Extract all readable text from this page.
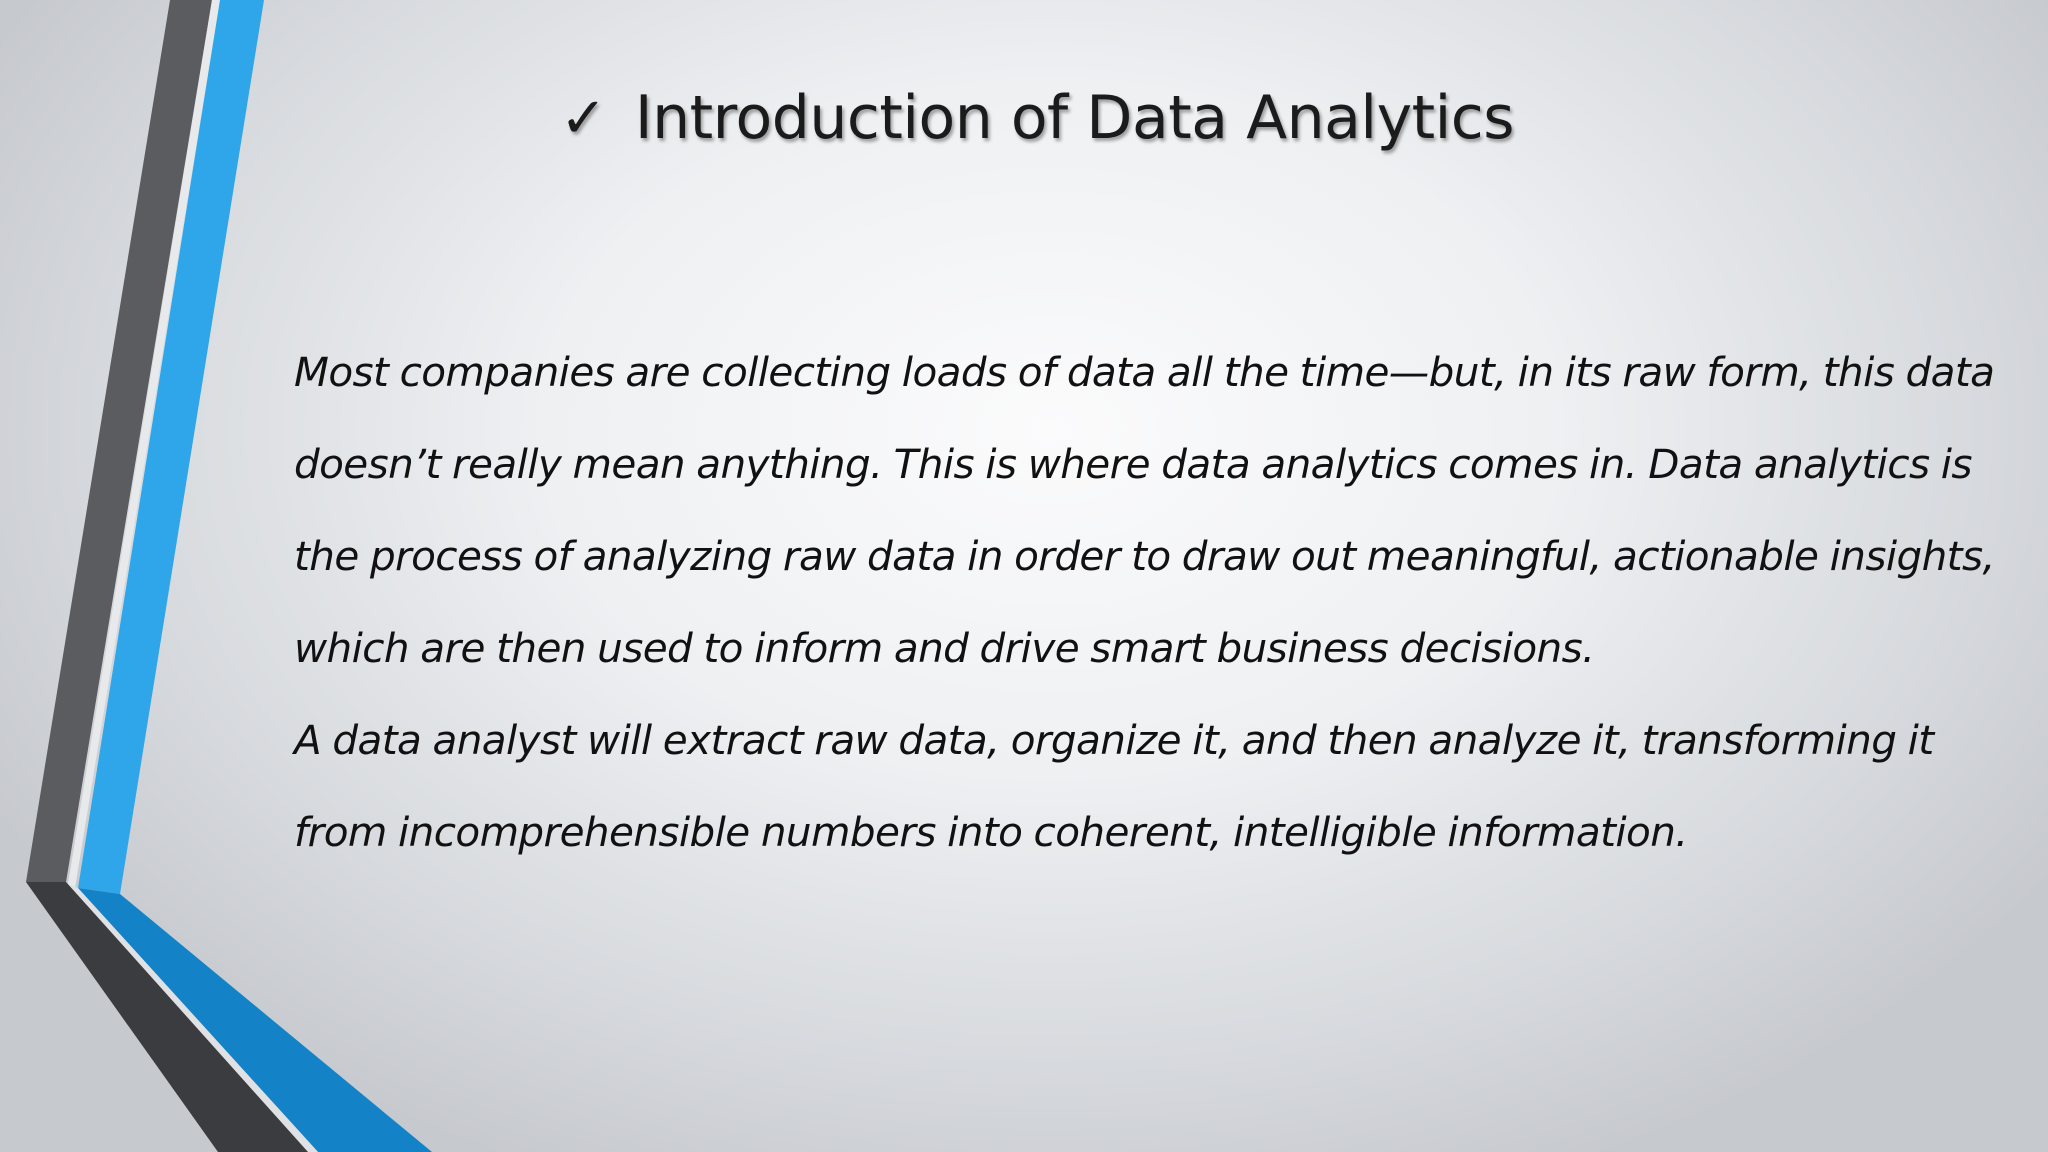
✓ Introduction of Data Analytics

Most companies are collecting loads of data all the time—but, in its raw form, this data doesn’t really mean anything. This is where data analytics comes in. Data analytics is the process of analyzing raw data in order to draw out meaningful, actionable insights, which are then used to inform and drive smart business decisions.

A data analyst will extract raw data, organize it, and then analyze it, transforming it from incomprehensible numbers into coherent, intelligible information.
